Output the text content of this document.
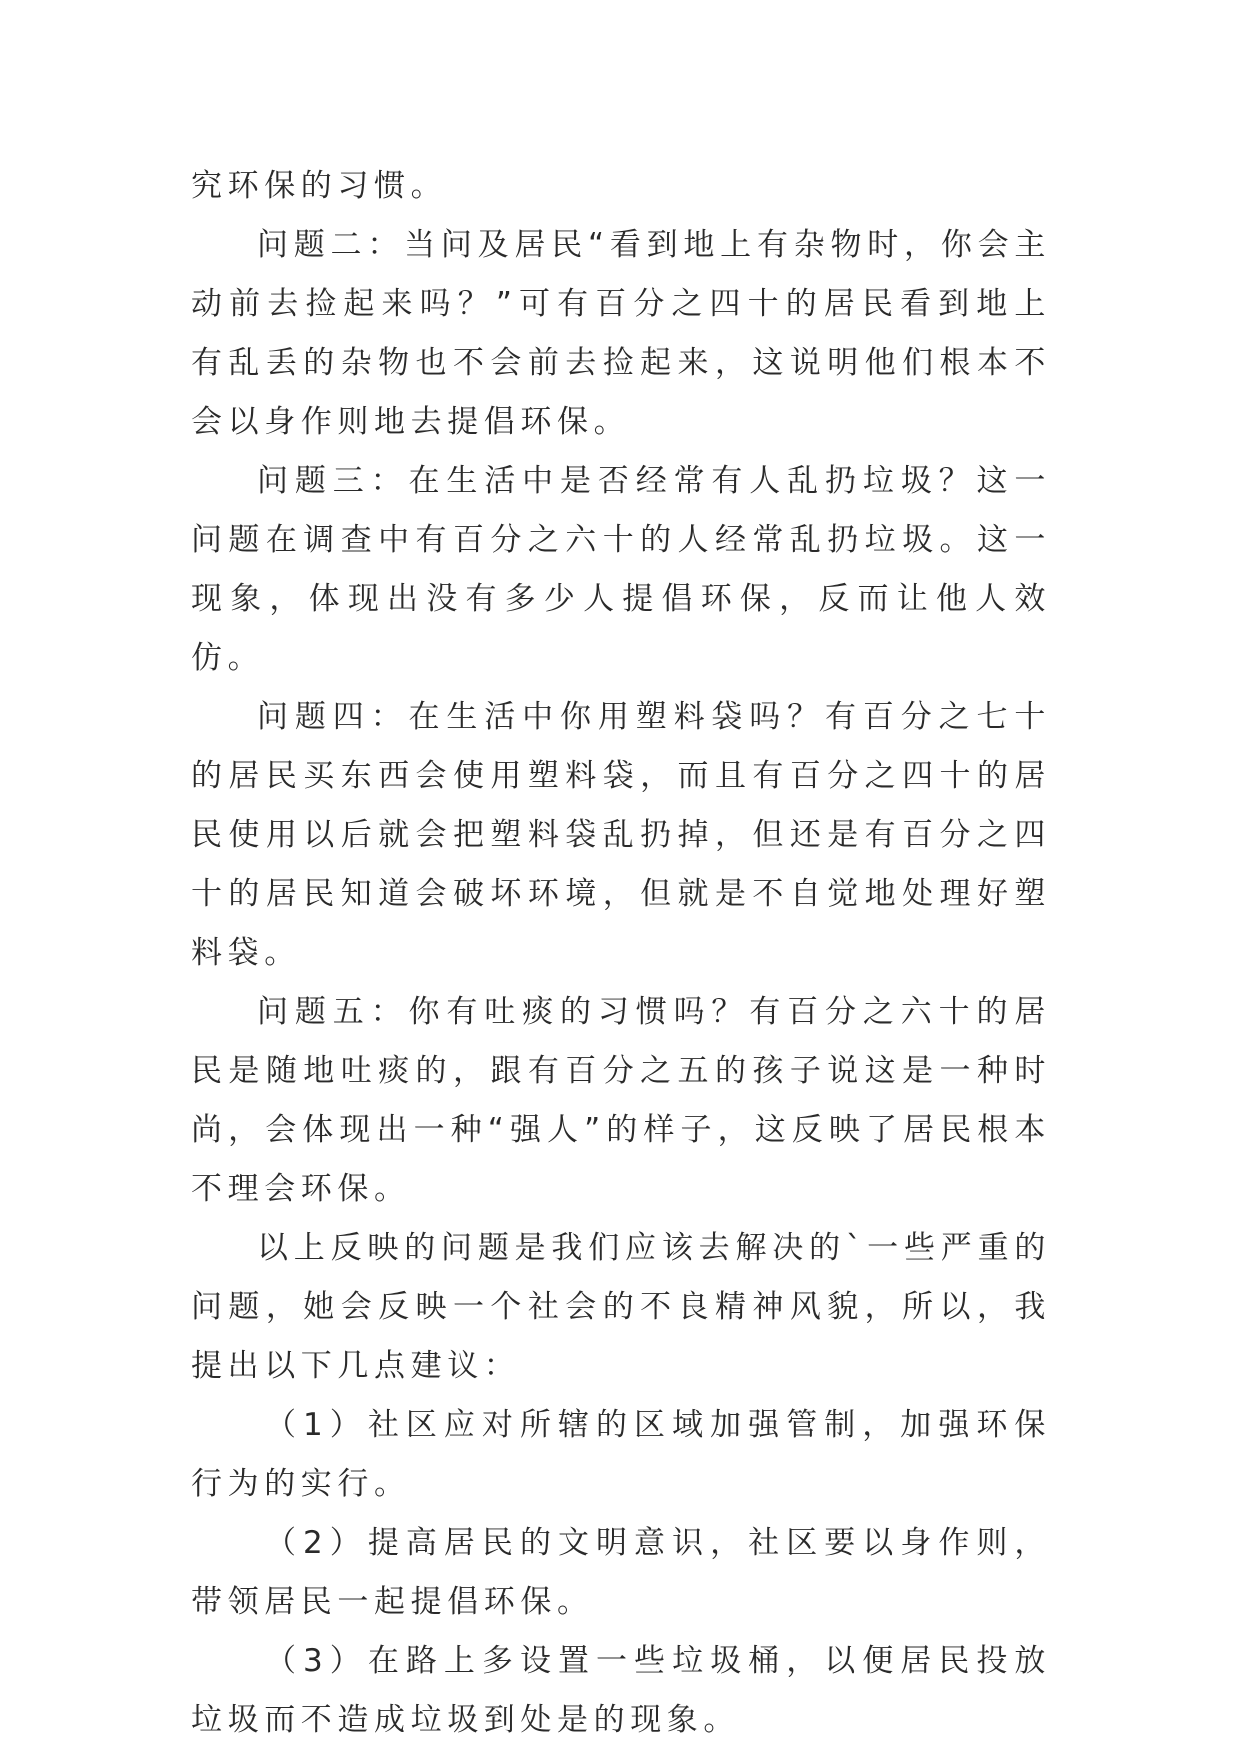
究环保的习惯。

问题二：当问及居民“看到地上有杂物时，你会主动前去捡起来吗？”可有百分之四十的居民看到地上有乱丢的杂物也不会前去捡起来，这说明他们根本不会以身作则地去提倡环保。

问题三：在生活中是否经常有人乱扔垃圾？这一问题在调查中有百分之六十的人经常乱扔垃圾。这一现象，体现出没有多少人提倡环保，反而让他人效仿。

问题四：在生活中你用塑料袋吗？有百分之七十的居民买东西会使用塑料袋，而且有百分之四十的居民使用以后就会把塑料袋乱扔掉，但还是有百分之四十的居民知道会破坏环境，但就是不自觉地处理好塑料袋。

问题五：你有吐痰的习惯吗？有百分之六十的居民是随地吐痰的，跟有百分之五的孩子说这是一种时尚，会体现出一种“强人”的样子，这反映了居民根本不理会环保。

以上反映的问题是我们应该去解决的`一些严重的问题，她会反映一个社会的不良精神风貌，所以，我提出以下几点建议：

（1）社区应对所辖的区域加强管制，加强环保行为的实行。

（2）提高居民的文明意识，社区要以身作则，带领居民一起提倡环保。

（3）在路上多设置一些垃圾桶，以便居民投放垃圾而不造成垃圾到处是的现象。
